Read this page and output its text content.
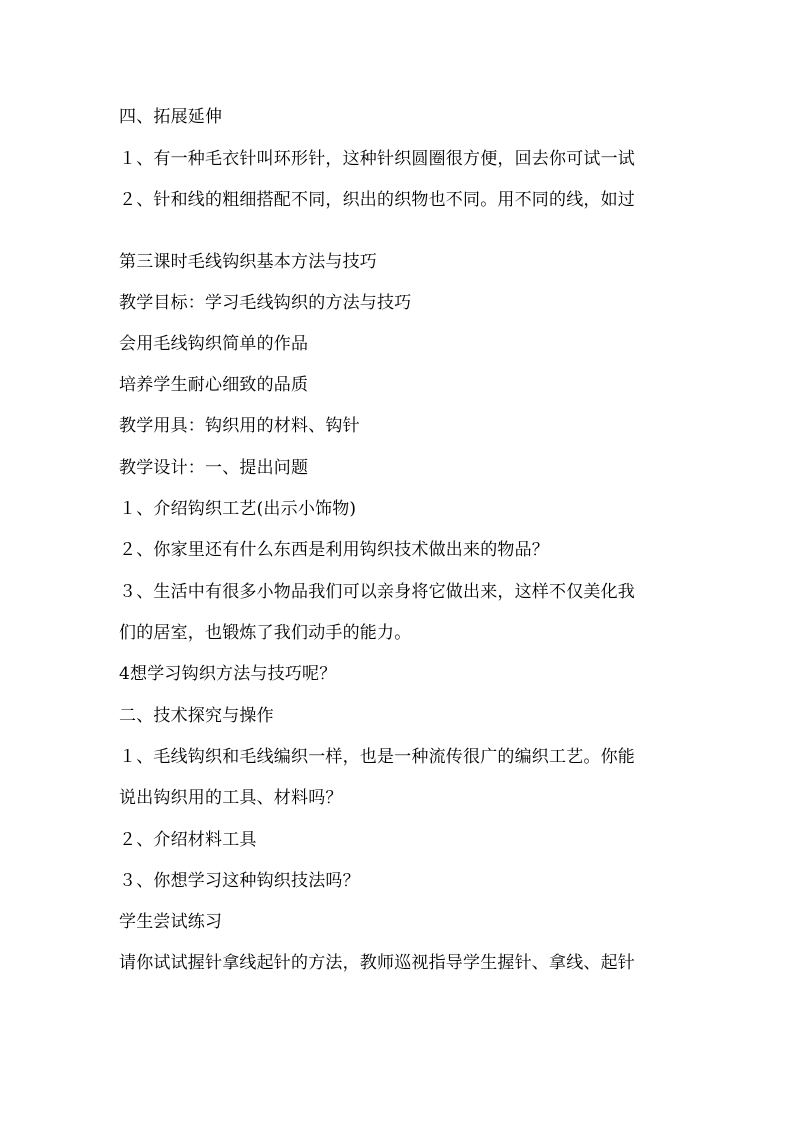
四、拓展延伸
１、有一种毛衣针叫环形针，这种针织圆圈很方便，回去你可试一试
２、针和线的粗细搭配不同，织出的织物也不同。用不同的线，如过
第三课时毛线钩织基本方法与技巧
教学目标：学习毛线钩织的方法与技巧
会用毛线钩织简单的作品
培养学生耐心细致的品质
教学用具：钩织用的材料、钩针
教学设计：一、提出问题
１、介绍钩织工艺(出示小饰物)
２、你家里还有什么东西是利用钩织技术做出来的物品？
３、生活中有很多小物品我们可以亲身将它做出来，这样不仅美化我
们的居室，也锻炼了我们动手的能力。
4想学习钩织方法与技巧呢？
二、技术探究与操作
１、毛线钩织和毛线编织一样，也是一种流传很广的编织工艺。你能
说出钩织用的工具、材料吗？
２、介绍材料工具
３、你想学习这种钩织技法吗？
学生尝试练习
请你试试握针拿线起针的方法，教师巡视指导学生握针、拿线、起针
